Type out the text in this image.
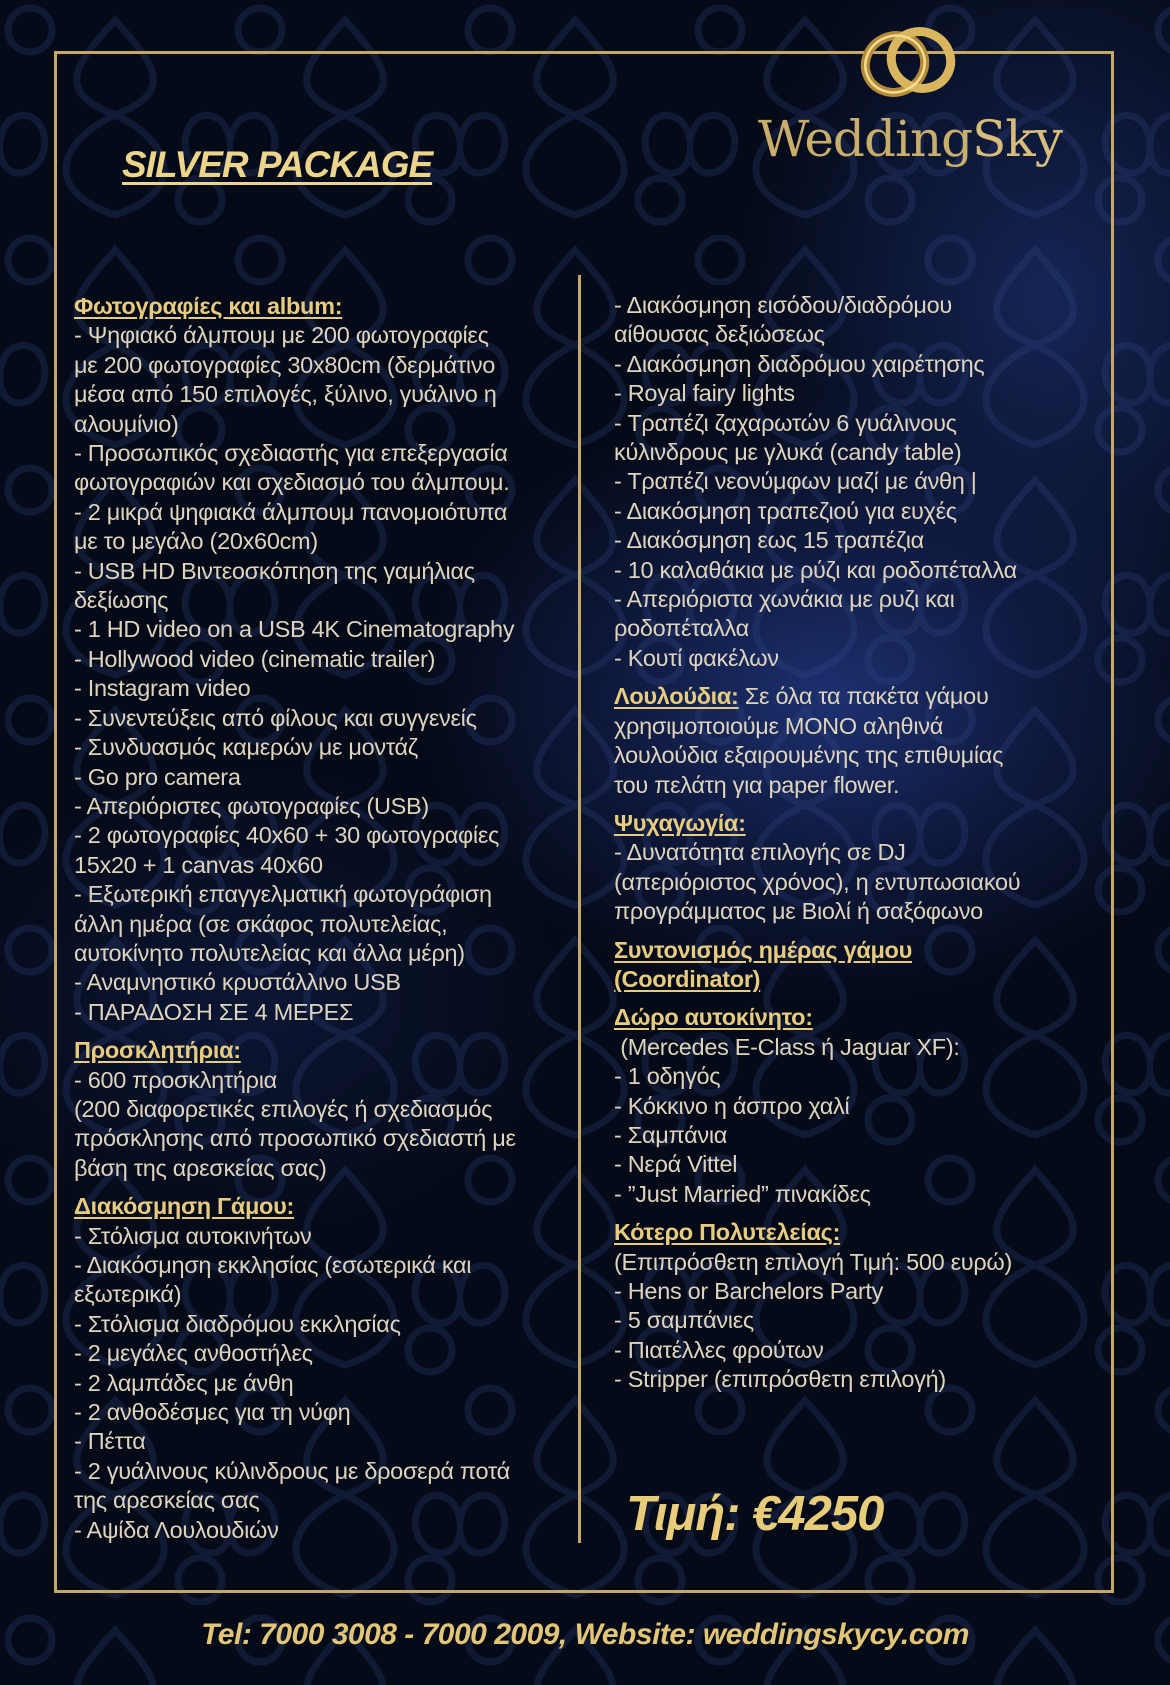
WeddingSky
SILVER PACKAGE
Φωτογραφίες και album:
- Ψηφιακό άλμπουμ με 200 φωτογραφίες
με 200 φωτογραφίες 30x80cm (δερμάτινο
μέσα από 150 επιλογές, ξύλινο, γυάλινο η
αλουμίνιο)
- Προσωπικός σχεδιαστής για επεξεργασία
φωτογραφιών και σχεδιασμό του άλμπουμ.
- 2 μικρά ψηφιακά άλμπουμ πανομοιότυπα
με το μεγάλο (20x60cm)
- USB HD Βιντεοσκόπηση της γαμήλιας
δεξίωσης
- 1 HD video on a USB 4K Cinematography
- Hollywood video (cinematic trailer)
- Instagram video
- Συνεντεύξεις από φίλους και συγγενείς
- Συνδυασμός καμερών με μοντάζ
- Go pro camera
- Απεριόριστες φωτογραφίες (USB)
- 2 φωτογραφίες 40x60 + 30 φωτογραφίες
15x20 + 1 canvas 40x60
- Εξωτερική επαγγελματική φωτογράφιση
άλλη ημέρα (σε σκάφος πολυτελείας,
αυτοκίνητο πολυτελείας και άλλα μέρη)
- Αναμνηστικό κρυστάλλινο USB
- ΠΑΡΑΔΟΣΗ ΣΕ 4 ΜΕΡΕΣ
Προσκλητήρια:
- 600 προσκλητήρια
(200 διαφορετικές επιλογές ή σχεδιασμός
πρόσκλησης από προσωπικό σχεδιαστή με
βάση της αρεσκείας σας)
Διακόσμηση Γάμου:
- Στόλισμα αυτοκινήτων
- Διακόσμηση εκκλησίας (εσωτερικά και
εξωτερικά)
- Στόλισμα διαδρόμου εκκλησίας
- 2 μεγάλες ανθοστήλες
- 2 λαμπάδες με άνθη
- 2 ανθοδέσμες για τη νύφη
- Πέττα
- 2 γυάλινους κύλινδρους με δροσερά ποτά
της αρεσκείας σας
- Αψίδα Λουλουδιών
- Διακόσμηση εισόδου/διαδρόμου
αίθουσας δεξιώσεως
- Διακόσμηση διαδρόμου χαιρέτησης
- Royal fairy lights
- Τραπέζι ζαχαρωτών 6 γυάλινους
κύλινδρους με γλυκά (candy table)
- Τραπέζι νεονύμφων μαζί με άνθη |
- Διακόσμηση τραπεζιού για ευχές
- Διακόσμηση εως 15 τραπέζια
- 10 καλαθάκια με ρύζι και ροδοπέταλλα
- Απεριόριστα χωνάκια με ρυζι και
ροδοπέταλλα
- Κουτί φακέλων
Λουλούδια: Σε όλα τα πακέτα γάμου
χρησιμοποιούμε ΜΟΝΟ αληθινά
λουλούδια εξαιρουμένης της επιθυμίας
του πελάτη για paper flower.
Ψυχαγωγία:
- Δυνατότητα επιλογής σε DJ
(απεριόριστος χρόνος), η εντυπωσιακού
προγράμματος με Βιολί ή σαξόφωνο
Συντονισμός ημέρας γάμου
(Coordinator)
Δώρο αυτοκίνητο:
(Mercedes E-Class ή Jaguar XF):
- 1 οδηγός
- Κόκκινο η άσπρο χαλί
- Σαμπάνια
- Νερά Vittel
- ”Just Married” πινακίδες
Κότερο Πολυτελείας:
(Επιπρόσθετη επιλογή Τιμή: 500 ευρώ)
- Hens or Barchelors Party
- 5 σαμπάνιες
- Πιατέλλες φρούτων
- Stripper (επιπρόσθετη επιλογή)
Τιμή: €4250
Tel: 7000 3008 - 7000 2009, Website: weddingskycy.com
